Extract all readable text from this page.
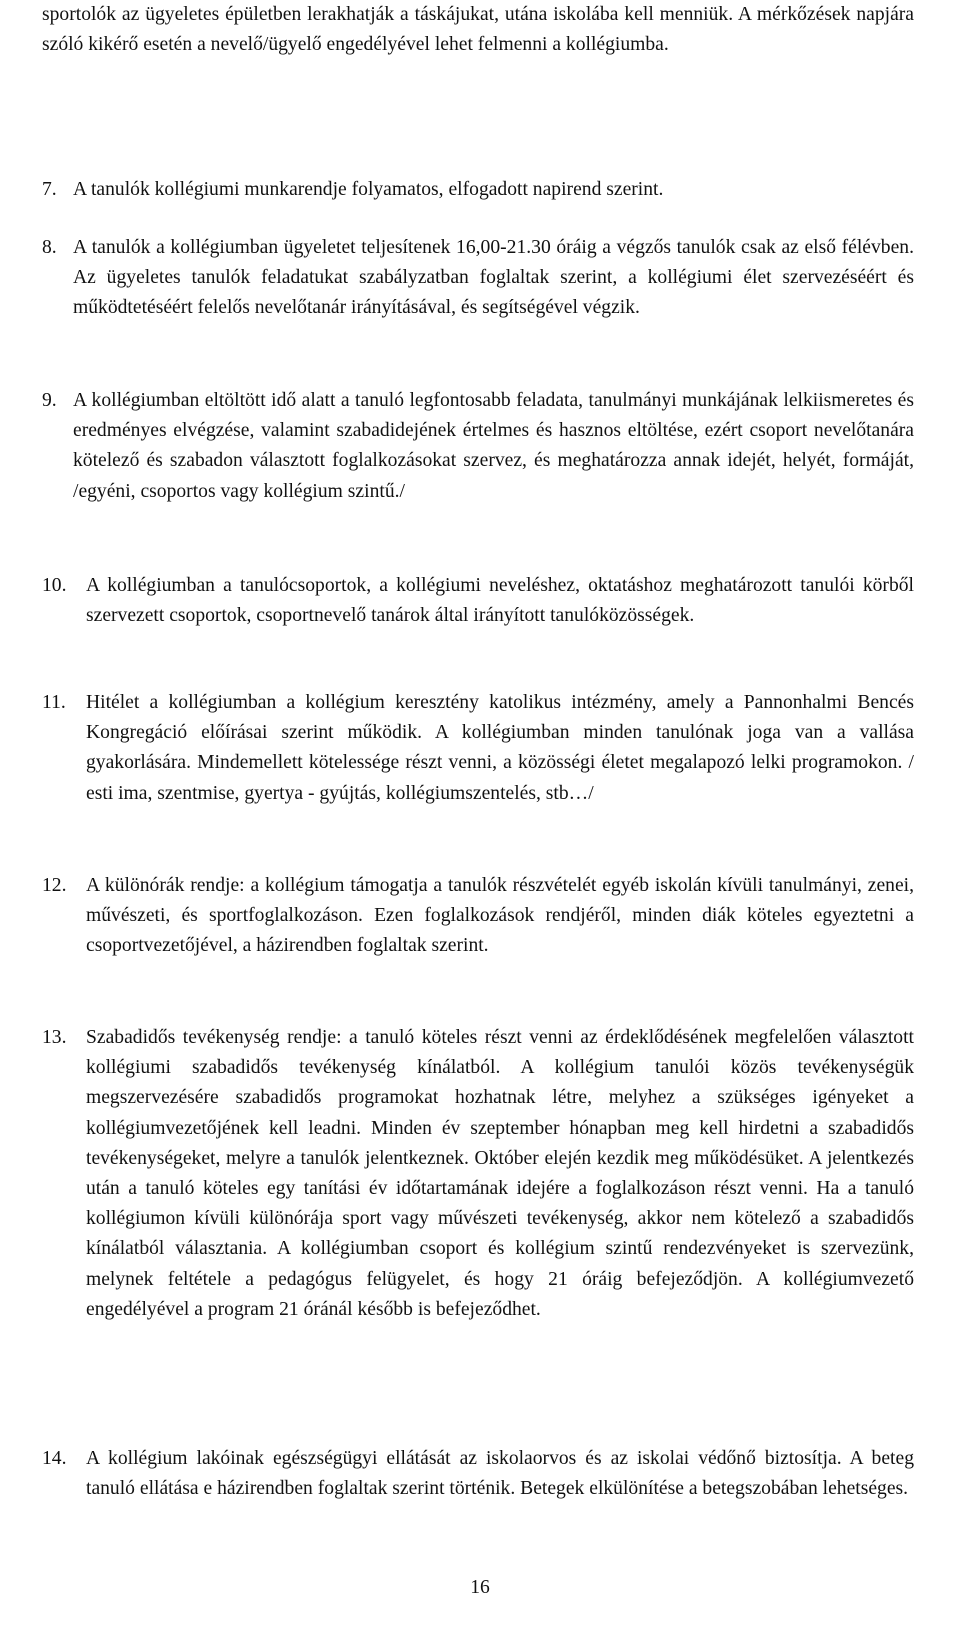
sportolók az ügyeletes épületben lerakhatják a táskájukat, utána iskolába kell menniük. A mérkőzések napjára szóló kikérő esetén a nevelő/ügyelő engedélyével lehet felmenni a kollégiumba.

7. A tanulók kollégiumi munkarendje folyamatos, elfogadott napirend szerint.

8. A tanulók a kollégiumban ügyeletet teljesítenek 16,00-21.30 óráig a végzős tanulók csak az első félévben. Az ügyeletes tanulók feladatukat szabályzatban foglaltak szerint, a kollégiumi élet szervezéséért és működtetéséért felelős nevelőtanár irányításával, és segítségével végzik.

9. A kollégiumban eltöltött idő alatt a tanuló legfontosabb feladata, tanulmányi munkájának lelkiismeretes és eredményes elvégzése, valamint szabadidejének értelmes és hasznos eltöltése, ezért csoport nevelőtanára kötelező és szabadon választott foglalkozásokat szervez, és meghatározza annak idejét, helyét, formáját, /egyéni, csoportos vagy kollégium szintű./

10. A kollégiumban a tanulócsoportok, a kollégiumi neveléshez, oktatáshoz meghatározott tanulói körből szervezett csoportok, csoportnevelő tanárok által irányított tanulóközösségek.

11.	Hitélet a kollégiumban a kollégium keresztény katolikus intézmény, amely a Pannonhalmi Bencés Kongregáció előírásai szerint működik. A kollégiumban minden tanulónak joga van a vallása gyakorlására. Mindemellett kötelessége részt venni, a közösségi életet megalapozó lelki programokon. / esti ima, szentmise, gyertya - gyújtás, kollégiumszentelés, stb…/

12. A különórák rendje: a kollégium támogatja a tanulók részvételét egyéb iskolán kívüli tanulmányi, zenei, művészeti, és sportfoglalkozáson. Ezen foglalkozások rendjéről, minden diák köteles egyeztetni a csoportvezetőjével, a házirendben foglaltak szerint.

13. Szabadidős tevékenység rendje: a tanuló köteles részt venni az érdeklődésének megfelelően választott kollégiumi szabadidős tevékenység kínálatból. A kollégium tanulói közös tevékenységük megszervezésére szabadidős programokat hozhatnak létre, melyhez a szükséges igényeket a kollégiumvezetőjének kell leadni. Minden év szeptember hónapban meg kell hirdetni a szabadidős tevékenységeket, melyre a tanulók jelentkeznek. Október elején kezdik meg működésüket. A jelentkezés után a tanuló köteles egy tanítási év időtartamának idejére a foglalkozáson részt venni. Ha a tanuló kollégiumon kívüli különórája sport vagy művészeti tevékenység, akkor nem kötelező a szabadidős kínálatból választania. A kollégiumban csoport és kollégium szintű rendezvényeket is szervezünk, melynek feltétele a pedagógus felügyelet, és hogy 21 óráig befejeződjön. A kollégiumvezető engedélyével a program 21 óránál később is befejeződhet.

14. A kollégium lakóinak egészségügyi ellátását az iskolaorvos és az iskolai védőnő biztosítja. A beteg tanuló ellátása e házirendben foglaltak szerint történik. Betegek elkülönítése a betegszobában lehetséges.

16
